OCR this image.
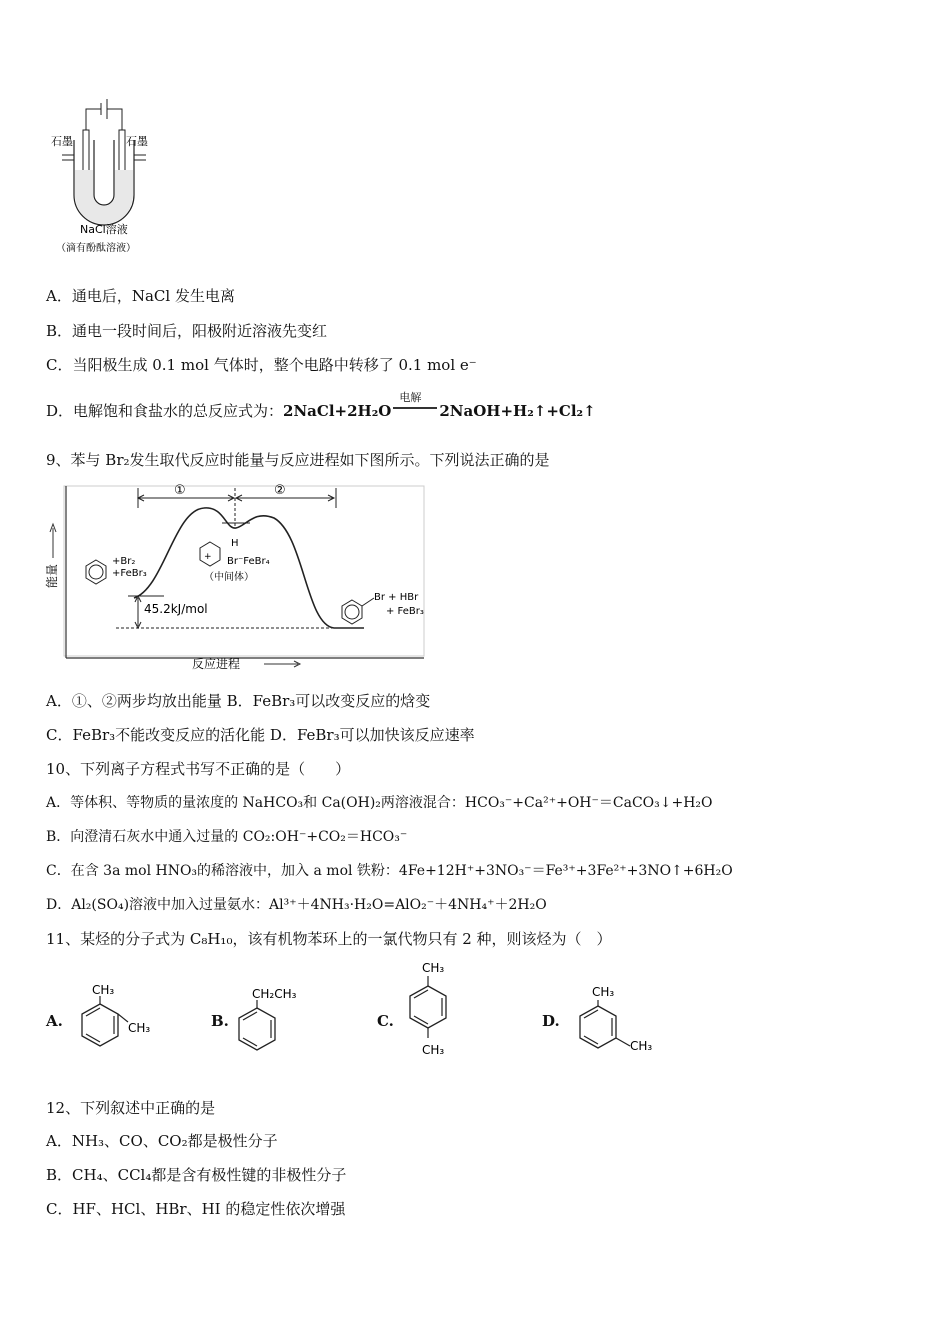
石墨	石墨
NaCl溶液
（滴有酚酞溶液）
A．通电后，NaCl 发生电离
B．通电一段时间后，阳极附近溶液先变红
C．当阳极生成 0.1 mol 气体时，整个电路中转移了 0.1 mol e⁻
D．电解饱和食盐水的总反应式为：2NaCl+2H₂O
电解
2NaOH+H₂↑+Cl₂↑
9、苯与 Br₂发生取代反应时能量与反应进程如下图所示。下列说法正确的是
能量
反应进程
①	②
45.2kJ/mol
+Br₂
+FeBr₃
+
H
Br⁻FeBr₄
（中间体）
Br + HBr
+ FeBr₃
A．①、②两步均放出能量 B．FeBr₃可以改变反应的焓变
C．FeBr₃不能改变反应的活化能 D．FeBr₃可以加快该反应速率
10、下列离子方程式书写不正确的是（　　）
A．等体积、等物质的量浓度的 NaHCO₃和 Ca(OH)₂两溶液混合：HCO₃⁻+Ca²⁺+OH⁻＝CaCO₃↓+H₂O
B．向澄清石灰水中通入过量的 CO₂:OH⁻+CO₂＝HCO₃⁻
C．在含 3a mol HNO₃的稀溶液中，加入 a mol 铁粉：4Fe+12H⁺+3NO₃⁻＝Fe³⁺+3Fe²⁺+3NO↑+6H₂O
D．Al₂(SO₄)溶液中加入过量氨水：Al³⁺＋4NH₃·H₂O=AlO₂⁻＋4NH₄⁺＋2H₂O
11、某烃的分子式为 C₈H₁₀，该有机物苯环上的一氯代物只有 2 种，则该烃为（　）
A.
CH₃
CH₃	B.
CH₂CH₃
C.
CH₃
CH₃
D.
CH₃
CH₃
12、下列叙述中正确的是
A．NH₃、CO、CO₂都是极性分子
B．CH₄、CCl₄都是含有极性键的非极性分子
C．HF、HCl、HBr、HI 的稳定性依次增强
